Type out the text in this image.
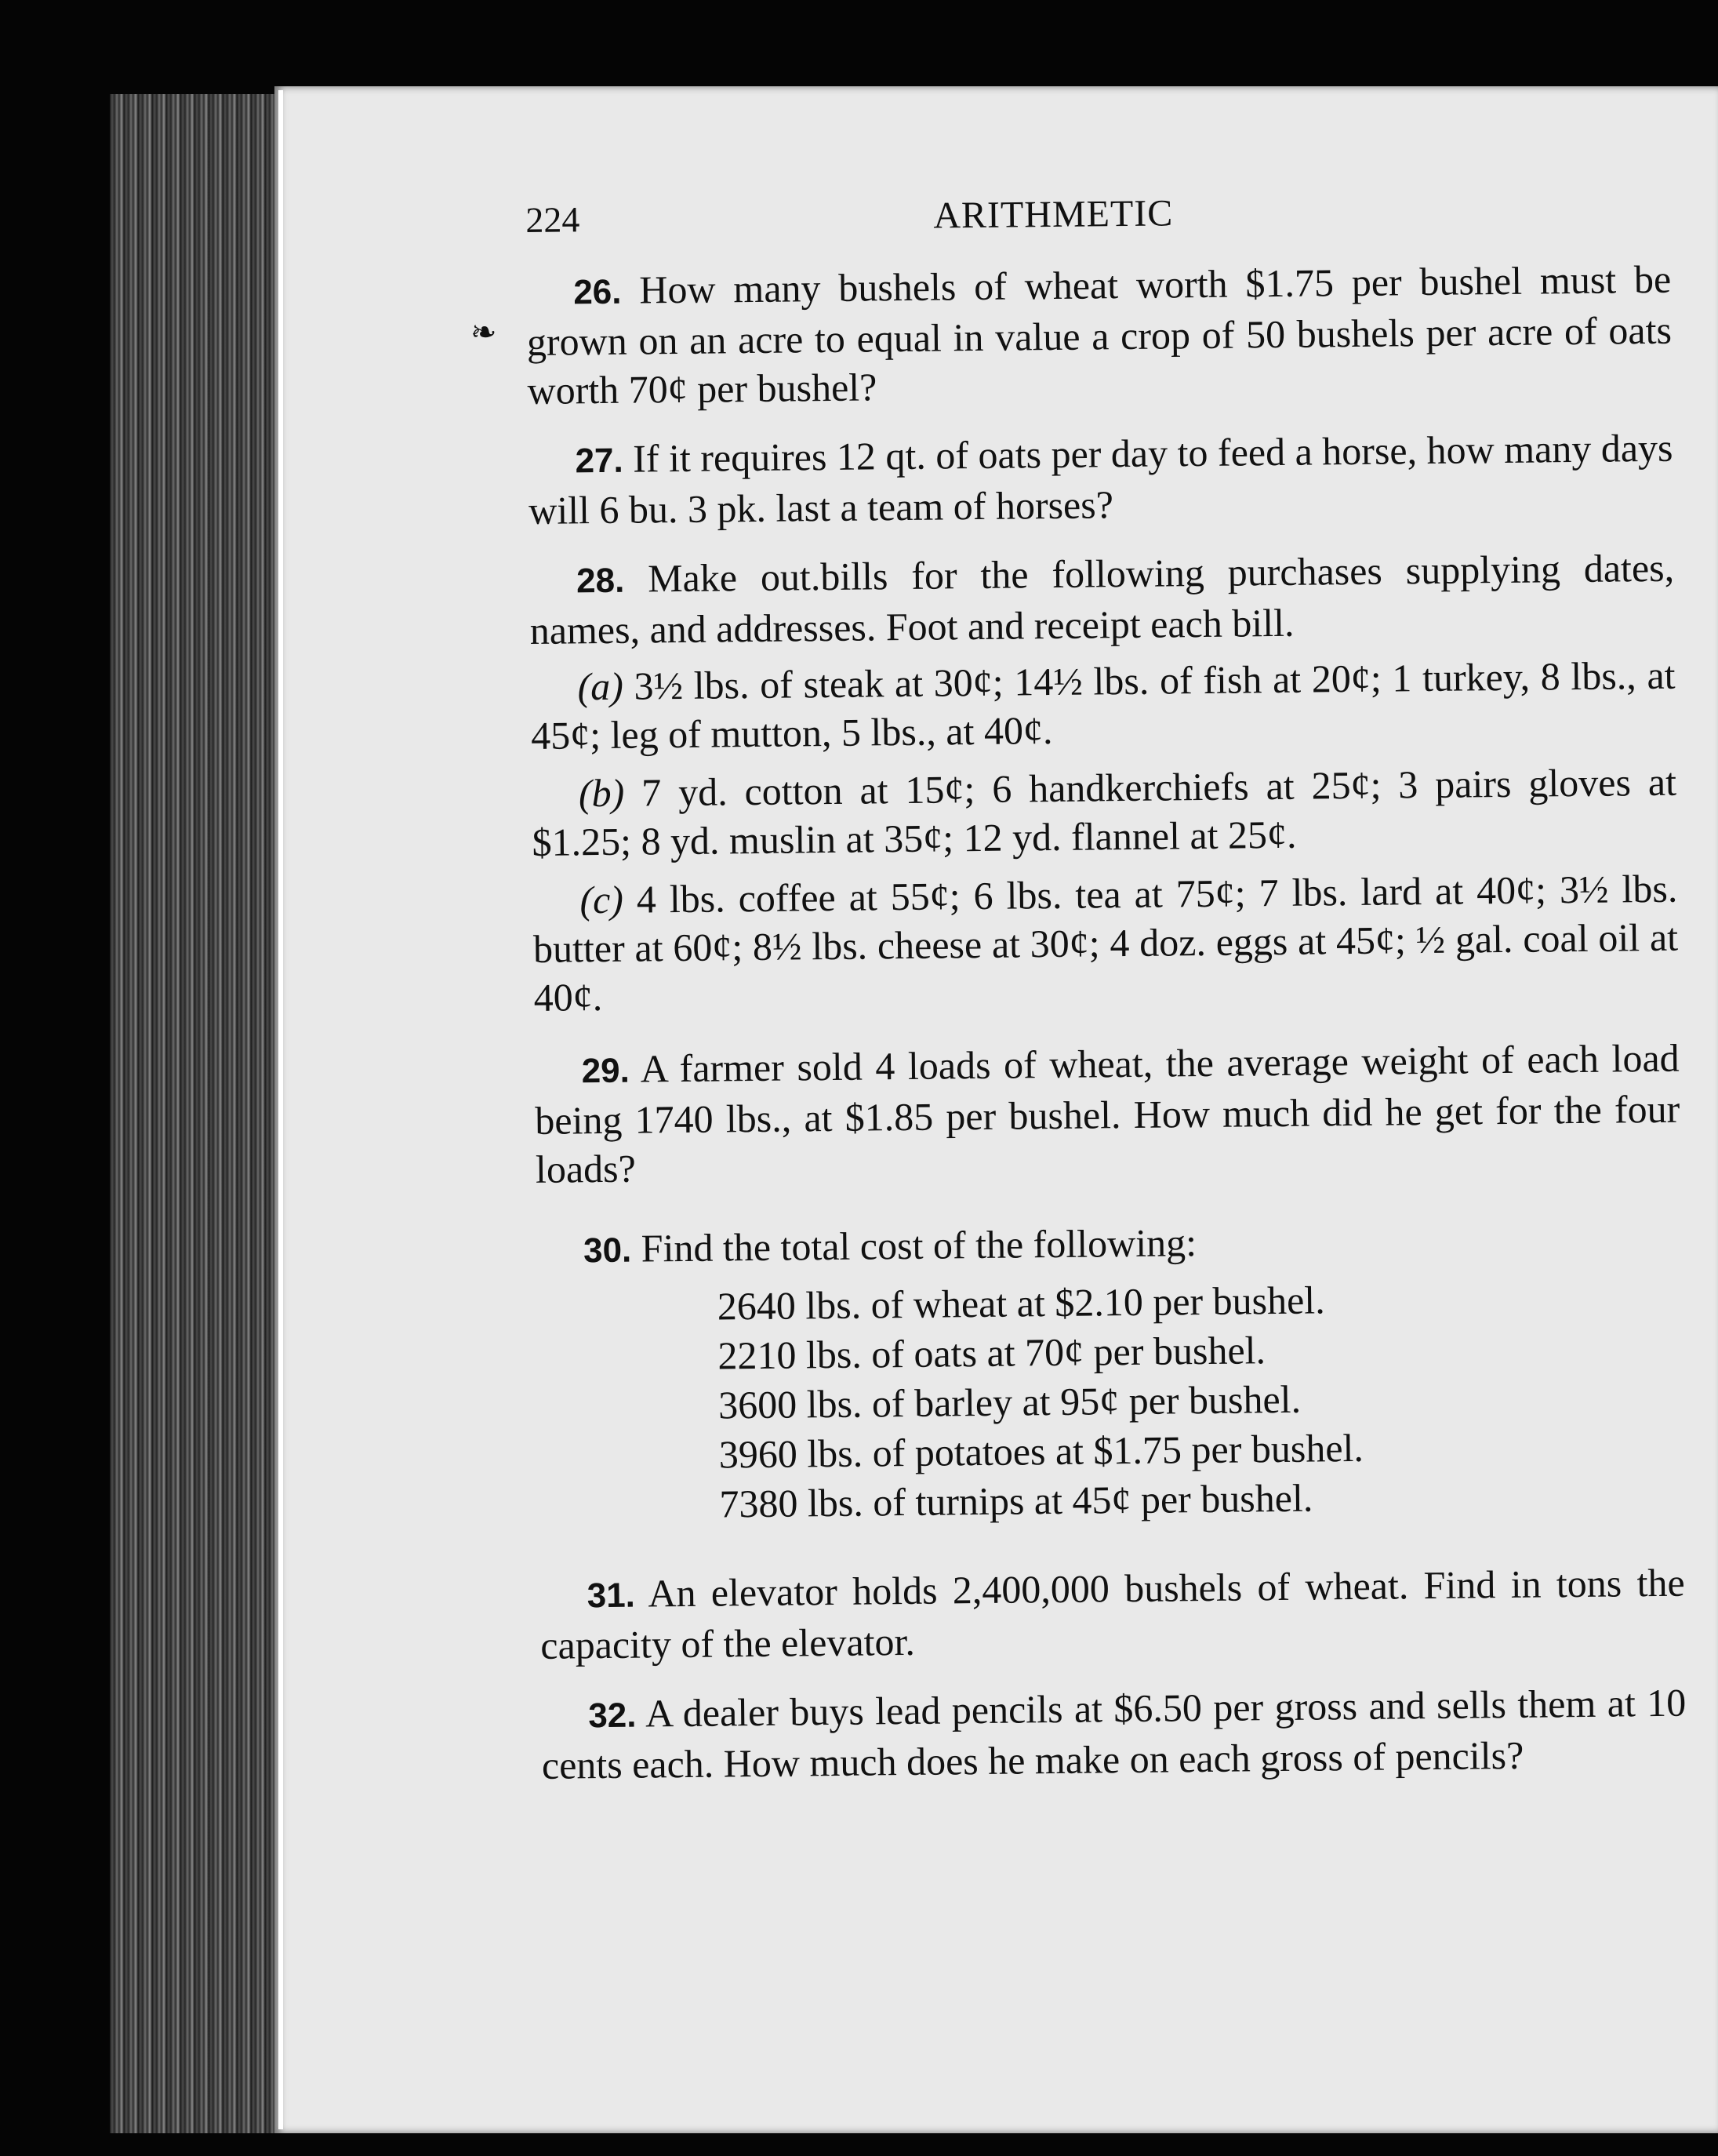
❧
224	ARITHMETIC

26. How many bushels of wheat worth $1.75 per bushel must be grown on an acre to equal in value a crop of 50 bushels per acre of oats worth 70¢ per bushel?

27. If it requires 12 qt. of oats per day to feed a horse, how many days will 6 bu. 3 pk. last a team of horses?

28. Make out.bills for the following purchases supplying dates, names, and addresses. Foot and receipt each bill.

(a) 3½ lbs. of steak at 30¢; 14½ lbs. of fish at 20¢; 1 turkey, 8 lbs., at 45¢; leg of mutton, 5 lbs., at 40¢.

(b) 7 yd. cotton at 15¢; 6 handkerchiefs at 25¢; 3 pairs gloves at $1.25; 8 yd. muslin at 35¢; 12 yd. flannel at 25¢.

(c) 4 lbs. coffee at 55¢; 6 lbs. tea at 75¢; 7 lbs. lard at 40¢; 3½ lbs. butter at 60¢; 8½ lbs. cheese at 30¢; 4 doz. eggs at 45¢; ½ gal. coal oil at 40¢.

29. A farmer sold 4 loads of wheat, the average weight of each load being 1740 lbs., at $1.85 per bushel. How much did he get for the four loads?

30. Find the total cost of the following:

2640 lbs. of wheat at $2.10 per bushel.
2210 lbs. of oats at 70¢ per bushel.
3600 lbs. of barley at 95¢ per bushel.
3960 lbs. of potatoes at $1.75 per bushel.
7380 lbs. of turnips at 45¢ per bushel.

31. An elevator holds 2,400,000 bushels of wheat. Find in tons the capacity of the elevator.

32. A dealer buys lead pencils at $6.50 per gross and sells them at 10 cents each. How much does he make on each gross of pencils?
